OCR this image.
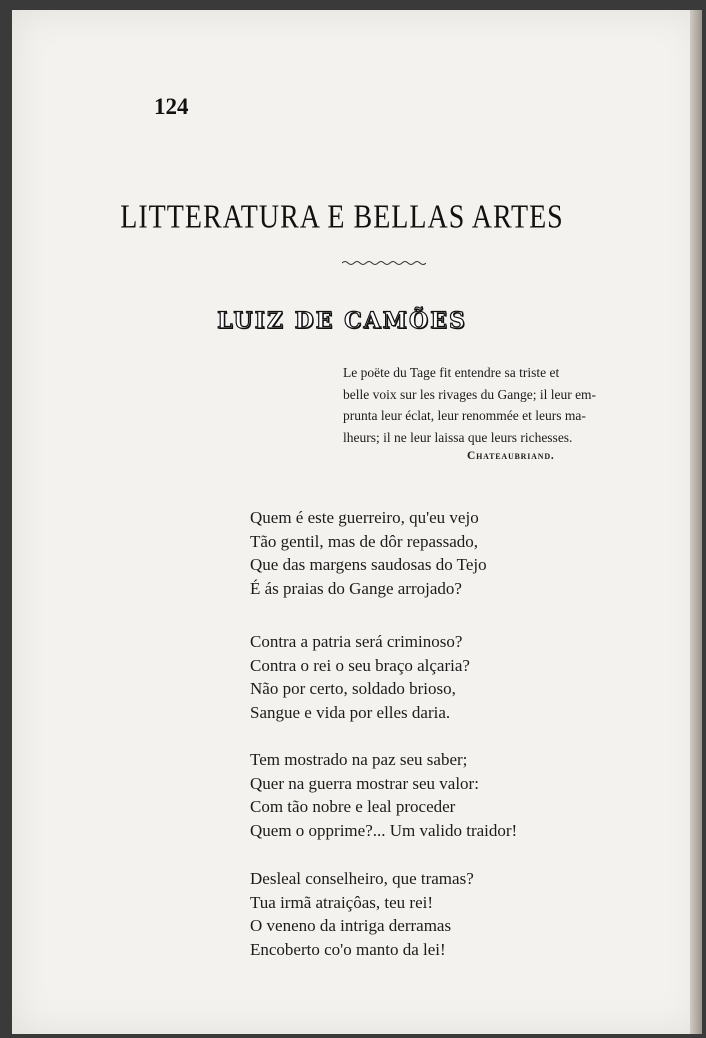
124
LITTERATURA E BELLAS ARTES
LUIZ DE CAMÕES
Le poëte du Tage fit entendre sa triste et
belle voix sur les rivages du Gange; il leur em-
prunta leur éclat, leur renommée et leurs ma-
lheurs; il ne leur laissa que leurs richesses.
Chateaubriand.
Quem é este guerreiro, qu'eu vejo
Tão gentil, mas de dôr repassado,
Que das margens saudosas do Tejo
É ás praias do Gange arrojado?
Contra a patria será criminoso?
Contra o rei o seu braço alçaria?
Não por certo, soldado brioso,
Sangue e vida por elles daria.
Tem mostrado na paz seu saber;
Quer na guerra mostrar seu valor:
Com tão nobre e leal proceder
Quem o opprime?... Um valido traidor!
Desleal conselheiro, que tramas?
Tua irmã atraiçôas, teu rei!
O veneno da intriga derramas
Encoberto co'o manto da lei!
